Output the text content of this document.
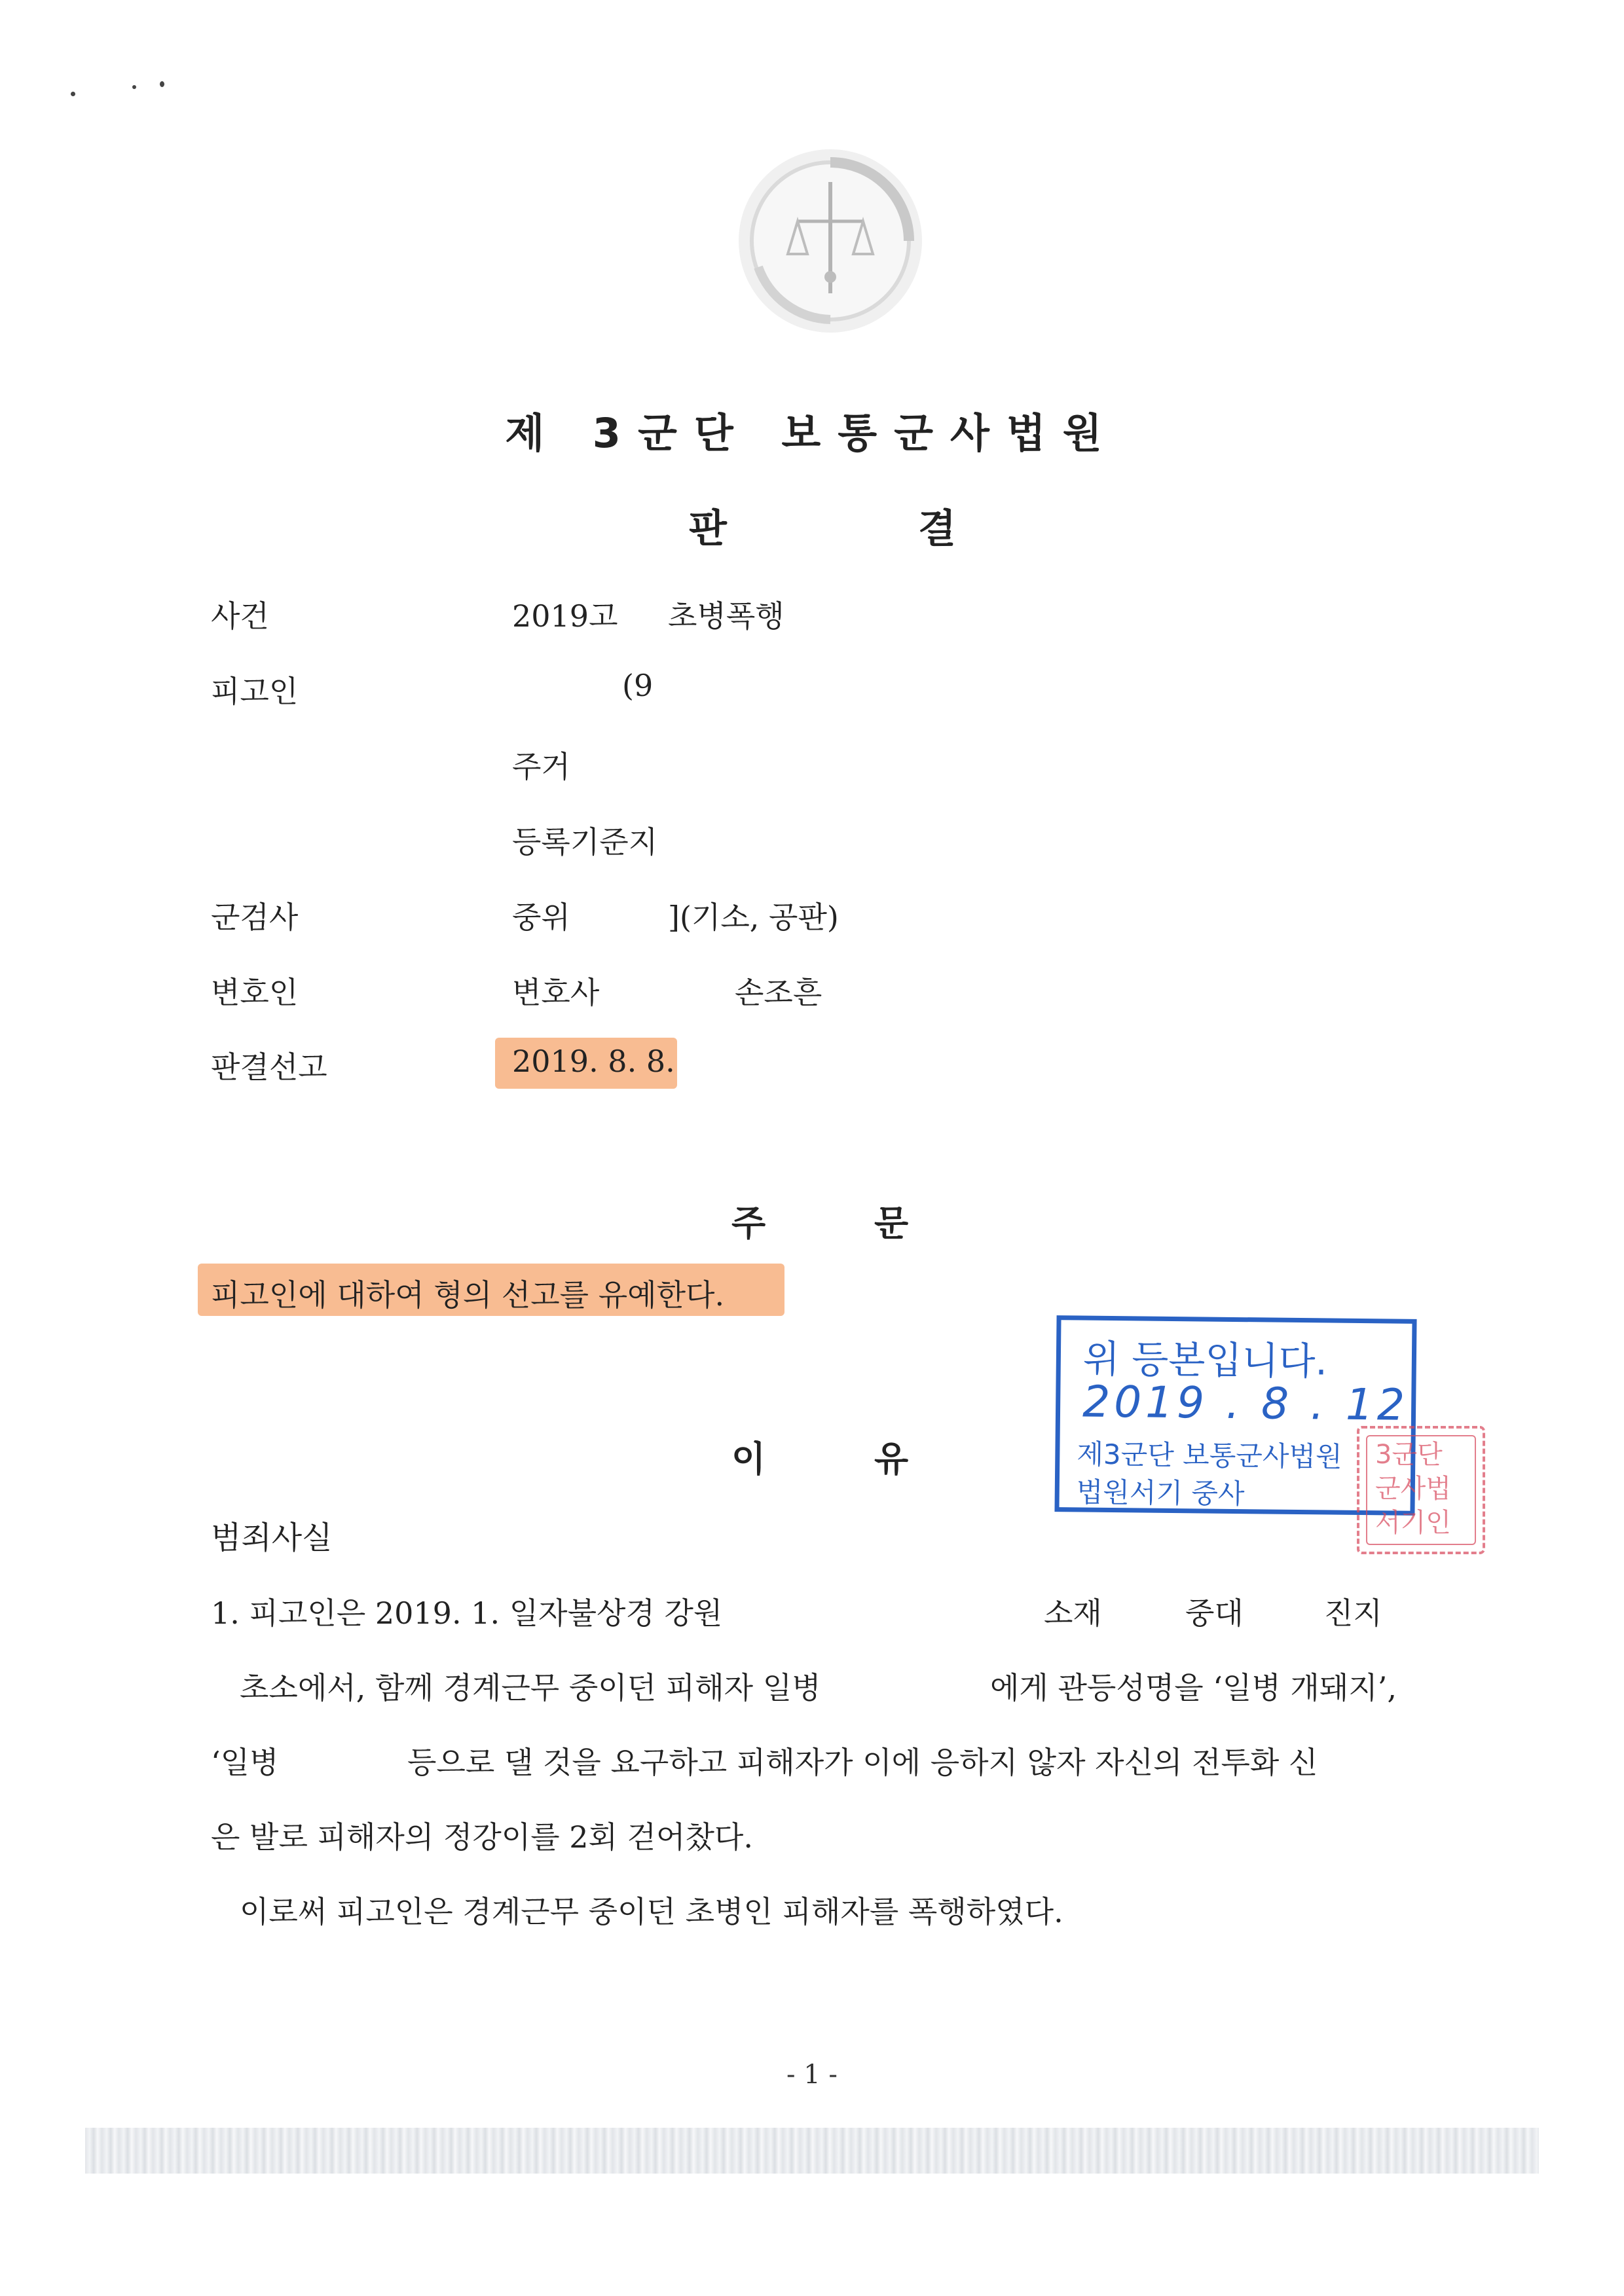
제 3군단 보통군사법원
판	결
사건	2019고 초병폭행
피고인	(9
주거
등록기준지
군검사	중위	](기소, 공판)
변호인	변호사	손조흔
판결선고	2019. 8. 8.
주	문
피고인에 대하여 형의 선고를 유예한다.
이	유
범죄사실
1. 피고인은 2019. 1. 일자불상경 강원	소재	중대	진지
초소에서, 함께 경계근무 중이던 피해자 일병	에게 관등성명을 ‘일병 개돼지’,
‘일병	등으로 댈 것을 요구하고 피해자가 이에 응하지 않자 자신의 전투화 신
은 발로 피해자의 정강이를 2회 걷어찼다.
이로써 피고인은 경계근무 중이던 초병인 피해자를 폭행하였다.
위 등본입니다.
2019 . 8 . 12
제3군단 보통군사법원
법원서기 중사
3군단
군사법
서기인
- 1 -
